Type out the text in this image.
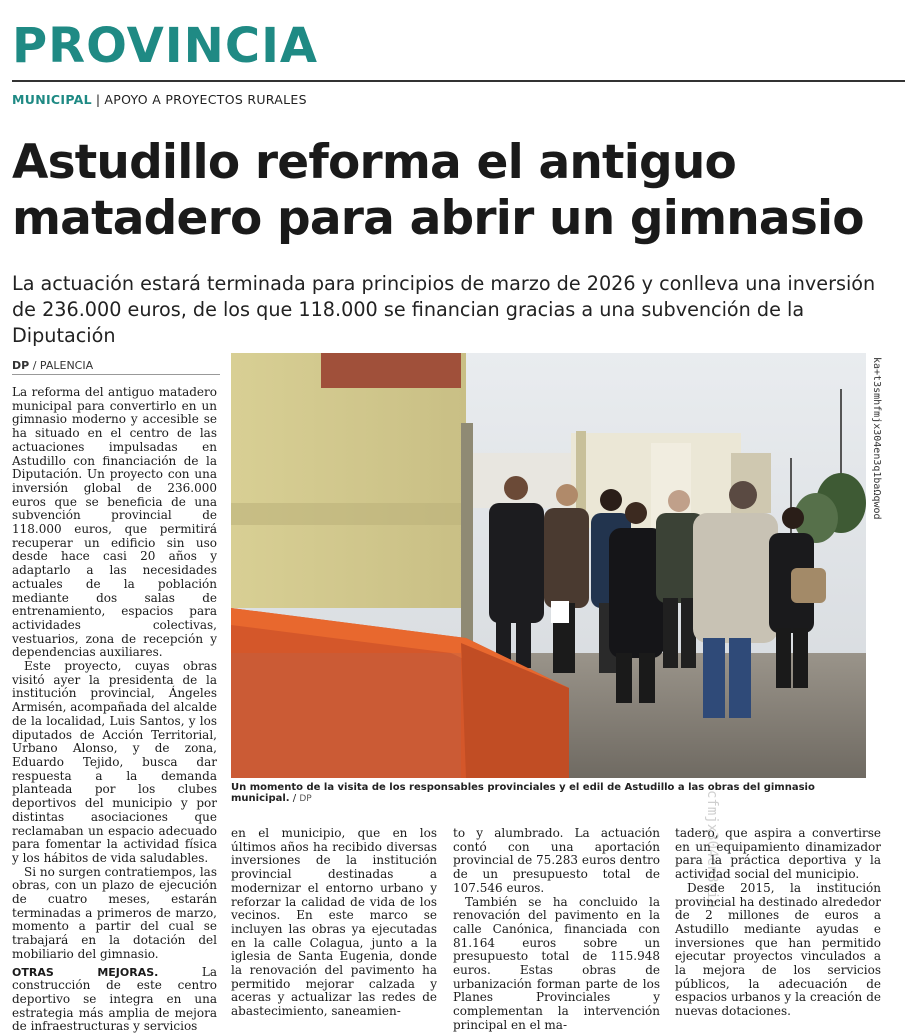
PROVINCIA
MUNICIPAL | APOYO A PROYECTOS RURALES
Astudillo reforma el antiguo
matadero para abrir un gimnasio
La actuación estará terminada para principios de marzo de 2026 y conlleva una inversión de 236.000 euros, de los que 118.000 se financian gracias a una subvención de la Diputación
DP / PALENCIA

La reforma del antiguo matadero municipal para convertirlo en un gimnasio moderno y accesible se ha situado en el centro de las actuaciones impulsadas en Astudillo con financiación de la Diputación. Un proyecto con una inversión global de 236.000 euros que se beneficia de una subvención provincial de 118.000 euros, que permitirá recuperar un edificio sin uso desde hace casi 20 años y adaptarlo a las necesidades actuales de la población mediante dos salas de entrenamiento, espacios para actividades colectivas, vestuarios, zona de recepción y dependencias auxiliares.

Este proyecto, cuyas obras visitó ayer la presidenta de la institución provincial, Ángeles Armisén, acompañada del alcalde de la localidad, Luis Santos, y los diputados de Acción Territorial, Urbano Alonso, y de zona, Eduardo Tejido, busca dar respuesta a la demanda planteada por los clubes deportivos del municipio y por distintas asociaciones que reclamaban un espacio adecuado para fomentar la actividad física y los hábitos de vida saludables.

Si no surgen contratiempos, las obras, con un plazo de ejecución de cuatro meses, estarán terminadas a primeros de marzo, momento a partir del cual se trabajará en la dotación del mobiliario del gimnasio.

OTRAS MEJORAS. La construcción de este centro deportivo se integra en una estrategia más amplia de mejora de infraestructuras y servicios

Un momento de la visita de los responsables provinciales y el edil de Astudillo a las obras del gimnasio municipal. / DP
ka+t3smhfmjx304en3q1baΩqwod
cfmjx304en3qib

en el municipio, que en los últimos años ha recibido diversas inversiones de la institución provincial destinadas a modernizar el entorno urbano y reforzar la calidad de vida de los vecinos. En este marco se incluyen las obras ya ejecutadas en la calle Colagua, junto a la iglesia de Santa Eugenia, donde la renovación del pavimento ha permitido mejorar calzada y aceras y actualizar las redes de abastecimiento, saneamien-

to y alumbrado. La actuación contó con una aportación provincial de 75.283 euros dentro de un presupuesto total de 107.546 euros.

También se ha concluido la renovación del pavimento en la calle Canónica, financiada con 81.164 euros sobre un presupuesto total de 115.948 euros. Estas obras de urbanización forman parte de los Planes Provinciales y complementan la intervención principal en el ma-

tadero, que aspira a convertirse en un equipamiento dinamizador para la práctica deportiva y la actividad social del municipio.

Desde 2015, la institución provincial ha destinado alrededor de 2 millones de euros a Astudillo mediante ayudas e inversiones que han permitido ejecutar proyectos vinculados a la mejora de los servicios públicos, la adecuación de espacios urbanos y la creación de nuevas dotaciones.
